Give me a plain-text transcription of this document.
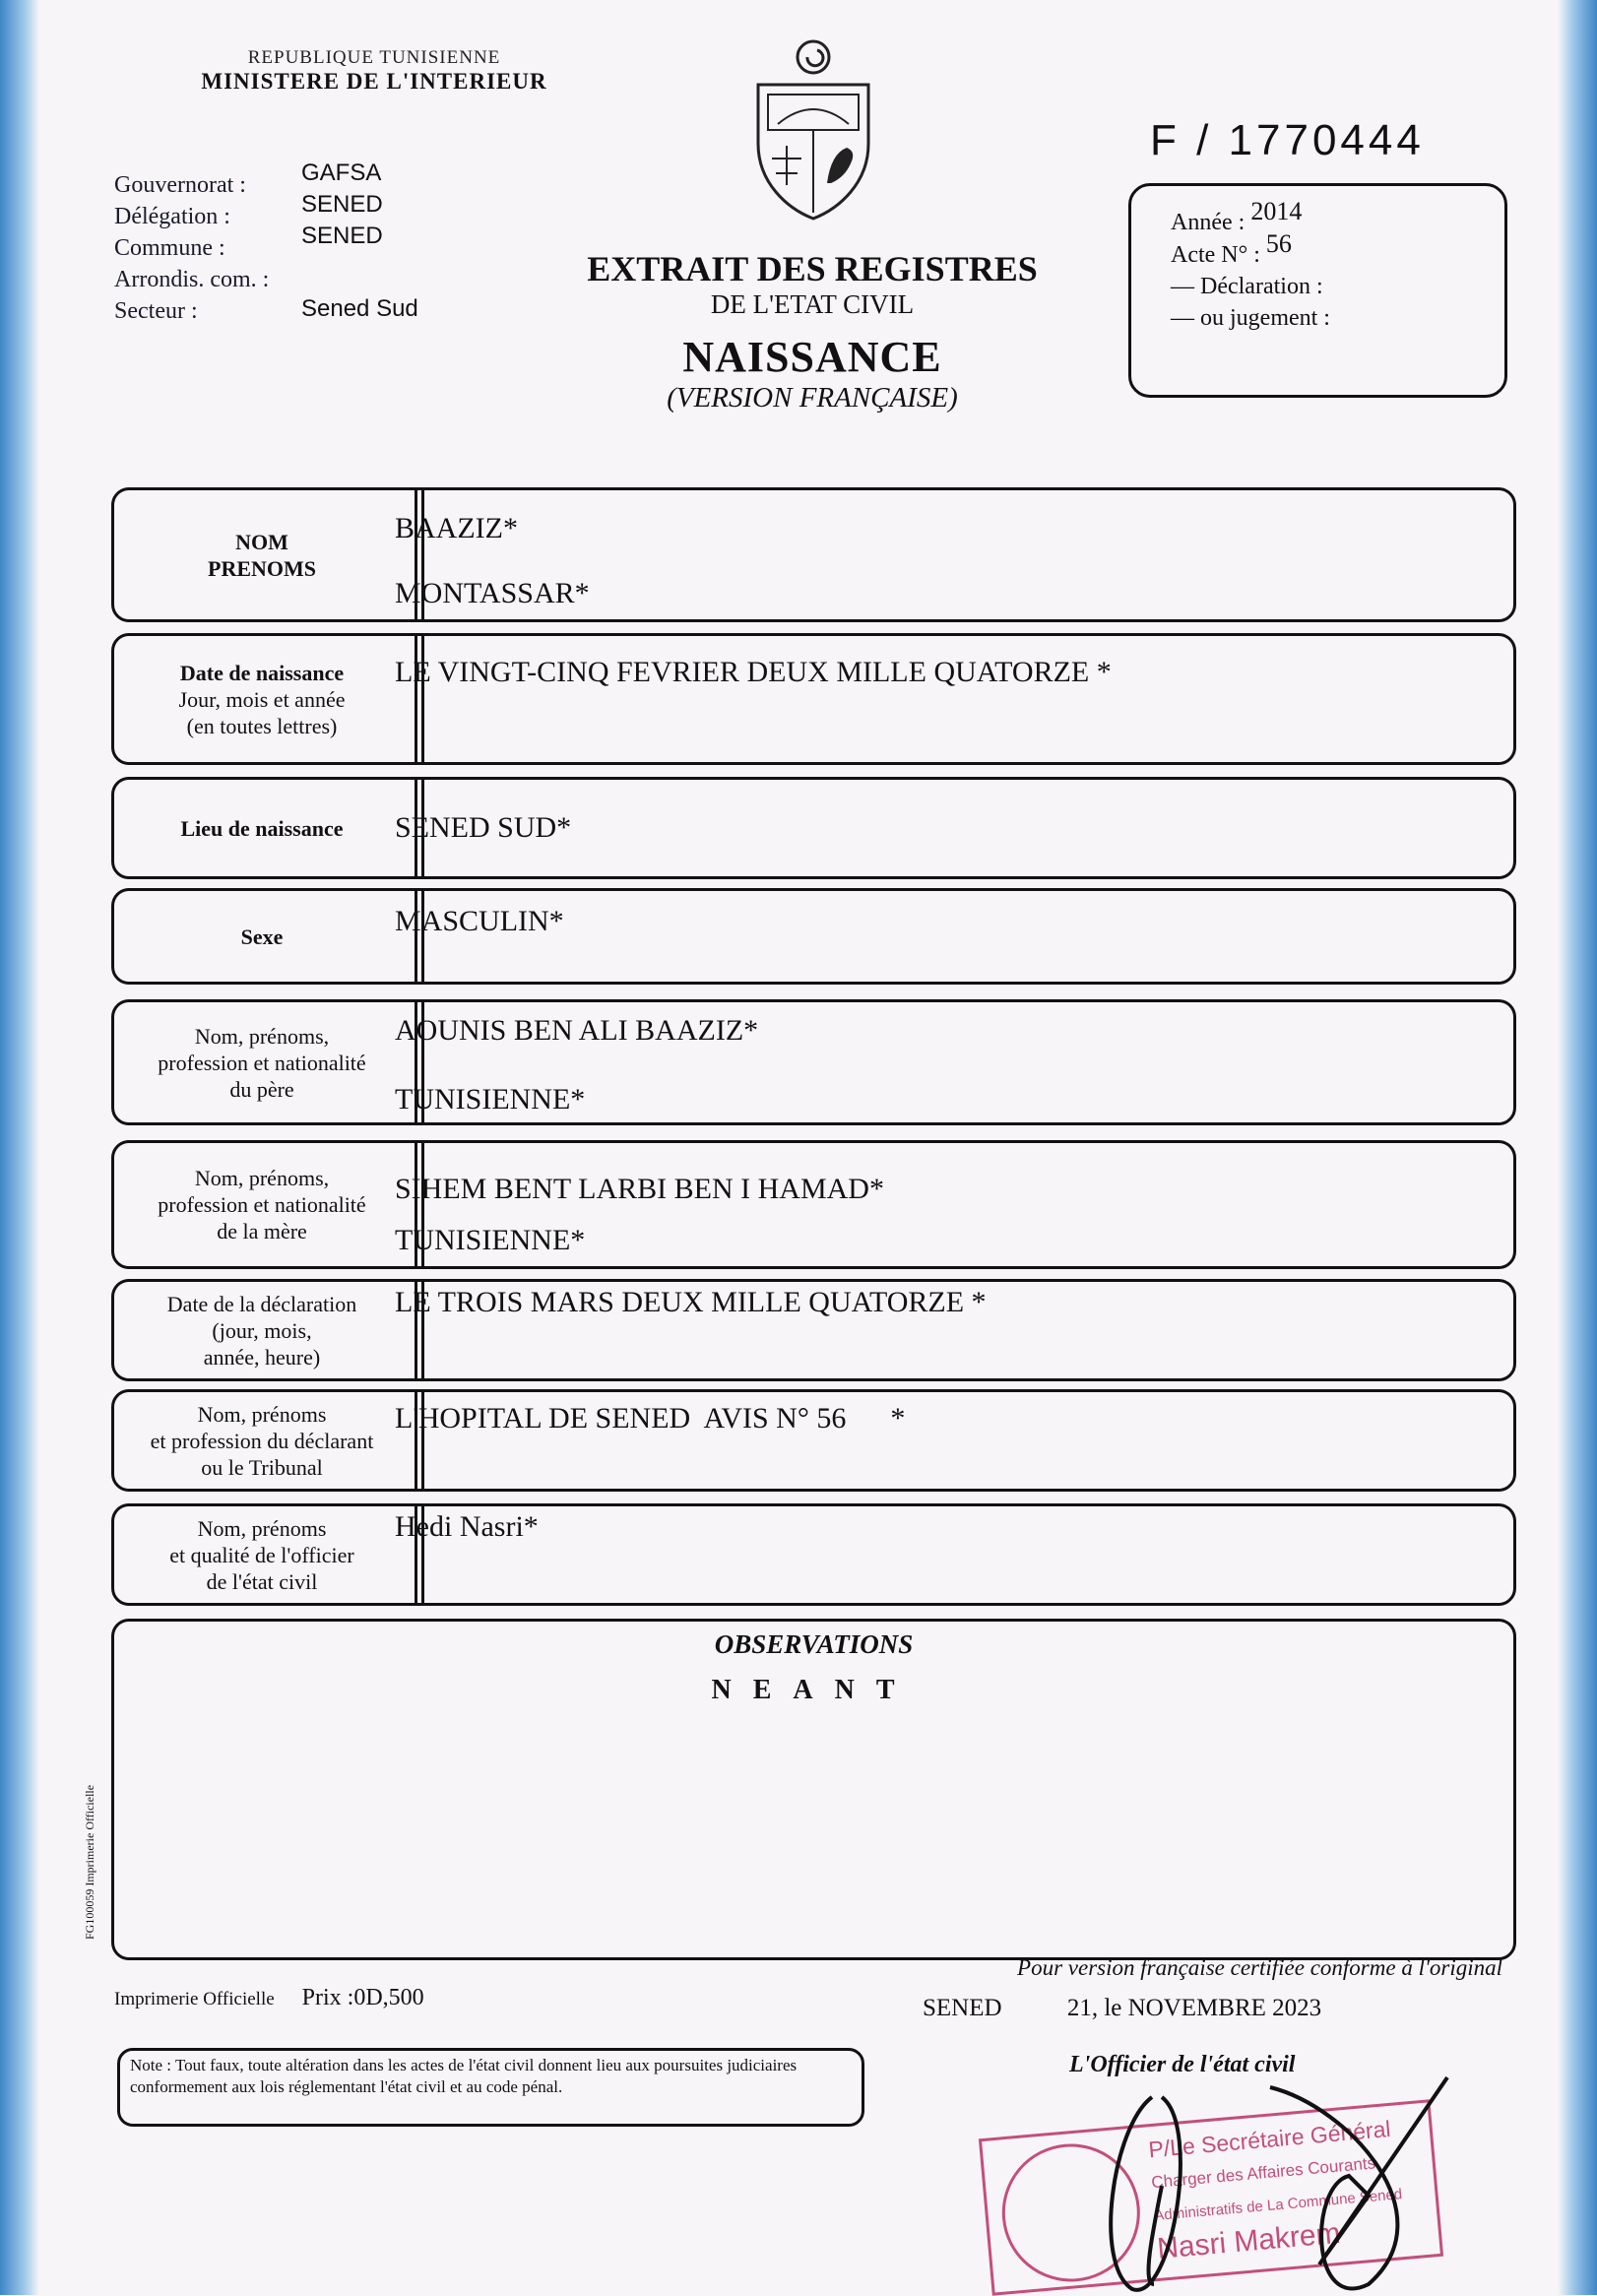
REPUBLIQUE TUNISIENNE
MINISTERE DE L'INTERIEUR
Gouvernorat :
Délégation :
Commune :
Arrondis. com. :
Secteur :
GAFSA
SENED
SENED
Sened Sud
EXTRAIT DES REGISTRES
DE L'ETAT CIVIL
NAISSANCE
(VERSION FRANÇAISE)
F / 1770444
Année : 2014
Acte N° : 56
— Déclaration :
— ou jugement :
NOM
PRENOMS
BAAZIZ*
MONTASSAR*
Date de naissance
Jour, mois et année
(en toutes lettres)
LE VINGT-CINQ FEVRIER DEUX MILLE QUATORZE *
Lieu de naissance SENED SUD*
Sexe	MASCULIN*
Nom, prénoms,
profession et nationalité
du père
AOUNIS BEN ALI BAAZIZ*
TUNISIENNE*
Nom, prénoms,
profession et nationalité
de la mère
SIHEM BENT LARBI BEN I HAMAD*
TUNISIENNE*
Date de la déclaration
(jour, mois,
année, heure)
LE TROIS MARS DEUX MILLE QUATORZE *
Nom, prénoms
et profession du déclarant
ou le Tribunal
L'HOPITAL DE SENED  AVIS N° 56      *
Nom, prénoms
et qualité de l'officier
de l'état civil
Hedi Nasri*
OBSERVATIONS
NEANT
FG100059 Imprimerie Officielle
Imprimerie Officielle Prix :0D,500
Note : Tout faux, toute altération dans les actes de l'état civil donnent lieu aux poursuites judiciaires conformement aux lois réglementant l'état civil et au code pénal.
Pour version française certifiée conforme à l'original
SENED	21, le NOVEMBRE 2023
L'Officier de l'état civil
P/Le Secrétaire Général
Charger des Affaires Courants
Administratifs de La Commune Sened
Nasri Makrem
